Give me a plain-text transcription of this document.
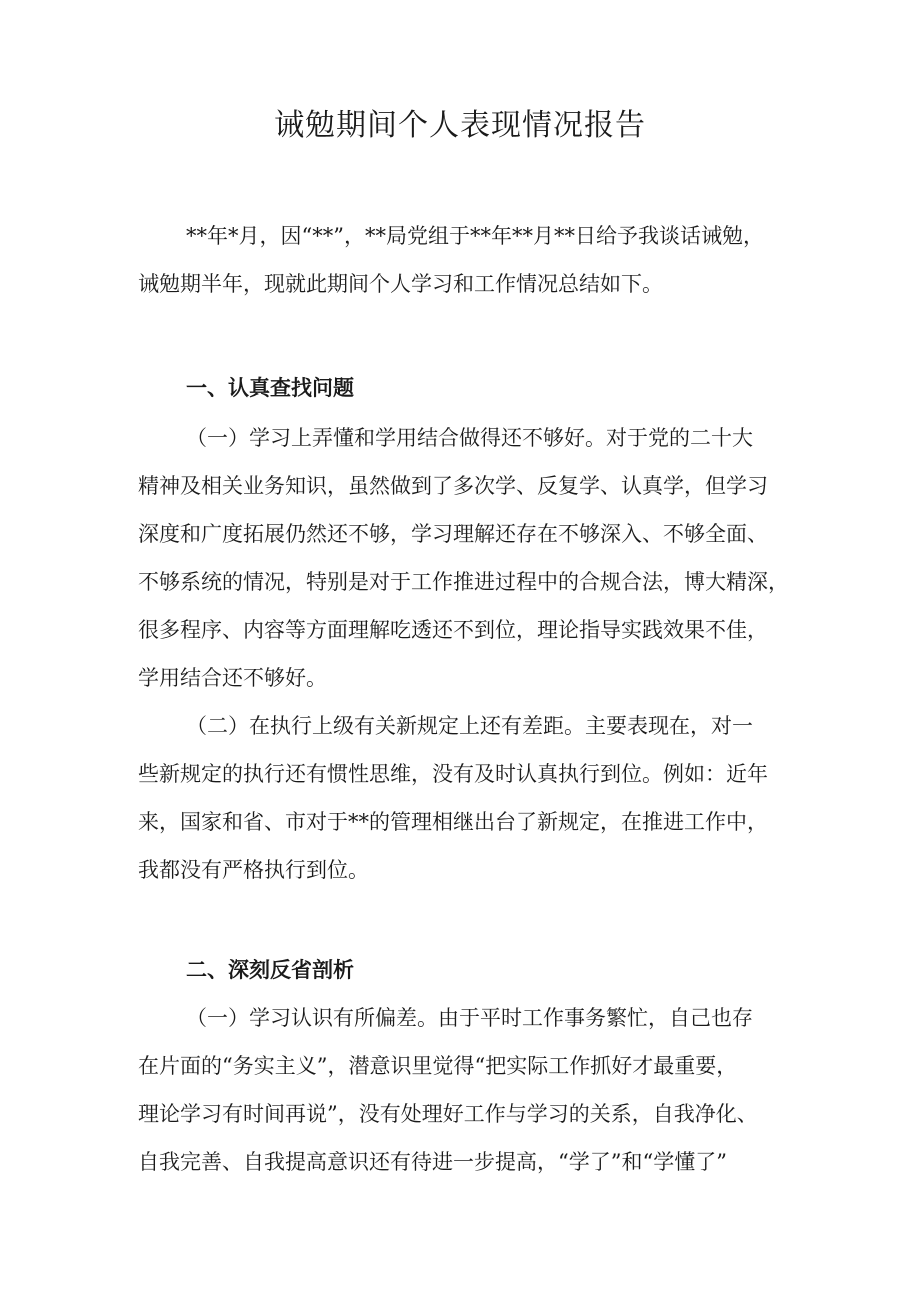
诫勉期间个人表现情况报告
**年*月，因“**”，**局党组于**年**月**日给予我谈话诫勉，
诫勉期半年，现就此期间个人学习和工作情况总结如下。
一、认真查找问题
（一）学习上弄懂和学用结合做得还不够好。对于党的二十大
精神及相关业务知识，虽然做到了多次学、反复学、认真学，但学习
深度和广度拓展仍然还不够，学习理解还存在不够深入、不够全面、
不够系统的情况，特别是对于工作推进过程中的合规合法，博大精深，
很多程序、内容等方面理解吃透还不到位，理论指导实践效果不佳，
学用结合还不够好。
（二）在执行上级有关新规定上还有差距。主要表现在，对一
些新规定的执行还有惯性思维，没有及时认真执行到位。例如：近年
来，国家和省、市对于**的管理相继出台了新规定，在推进工作中，
我都没有严格执行到位。
二、深刻反省剖析
（一）学习认识有所偏差。由于平时工作事务繁忙，自己也存
在片面的“务实主义”，潜意识里觉得“把实际工作抓好才最重要，
理论学习有时间再说”，没有处理好工作与学习的关系，自我净化、
自我完善、自我提高意识还有待进一步提高，“学了”和“学懂了”
